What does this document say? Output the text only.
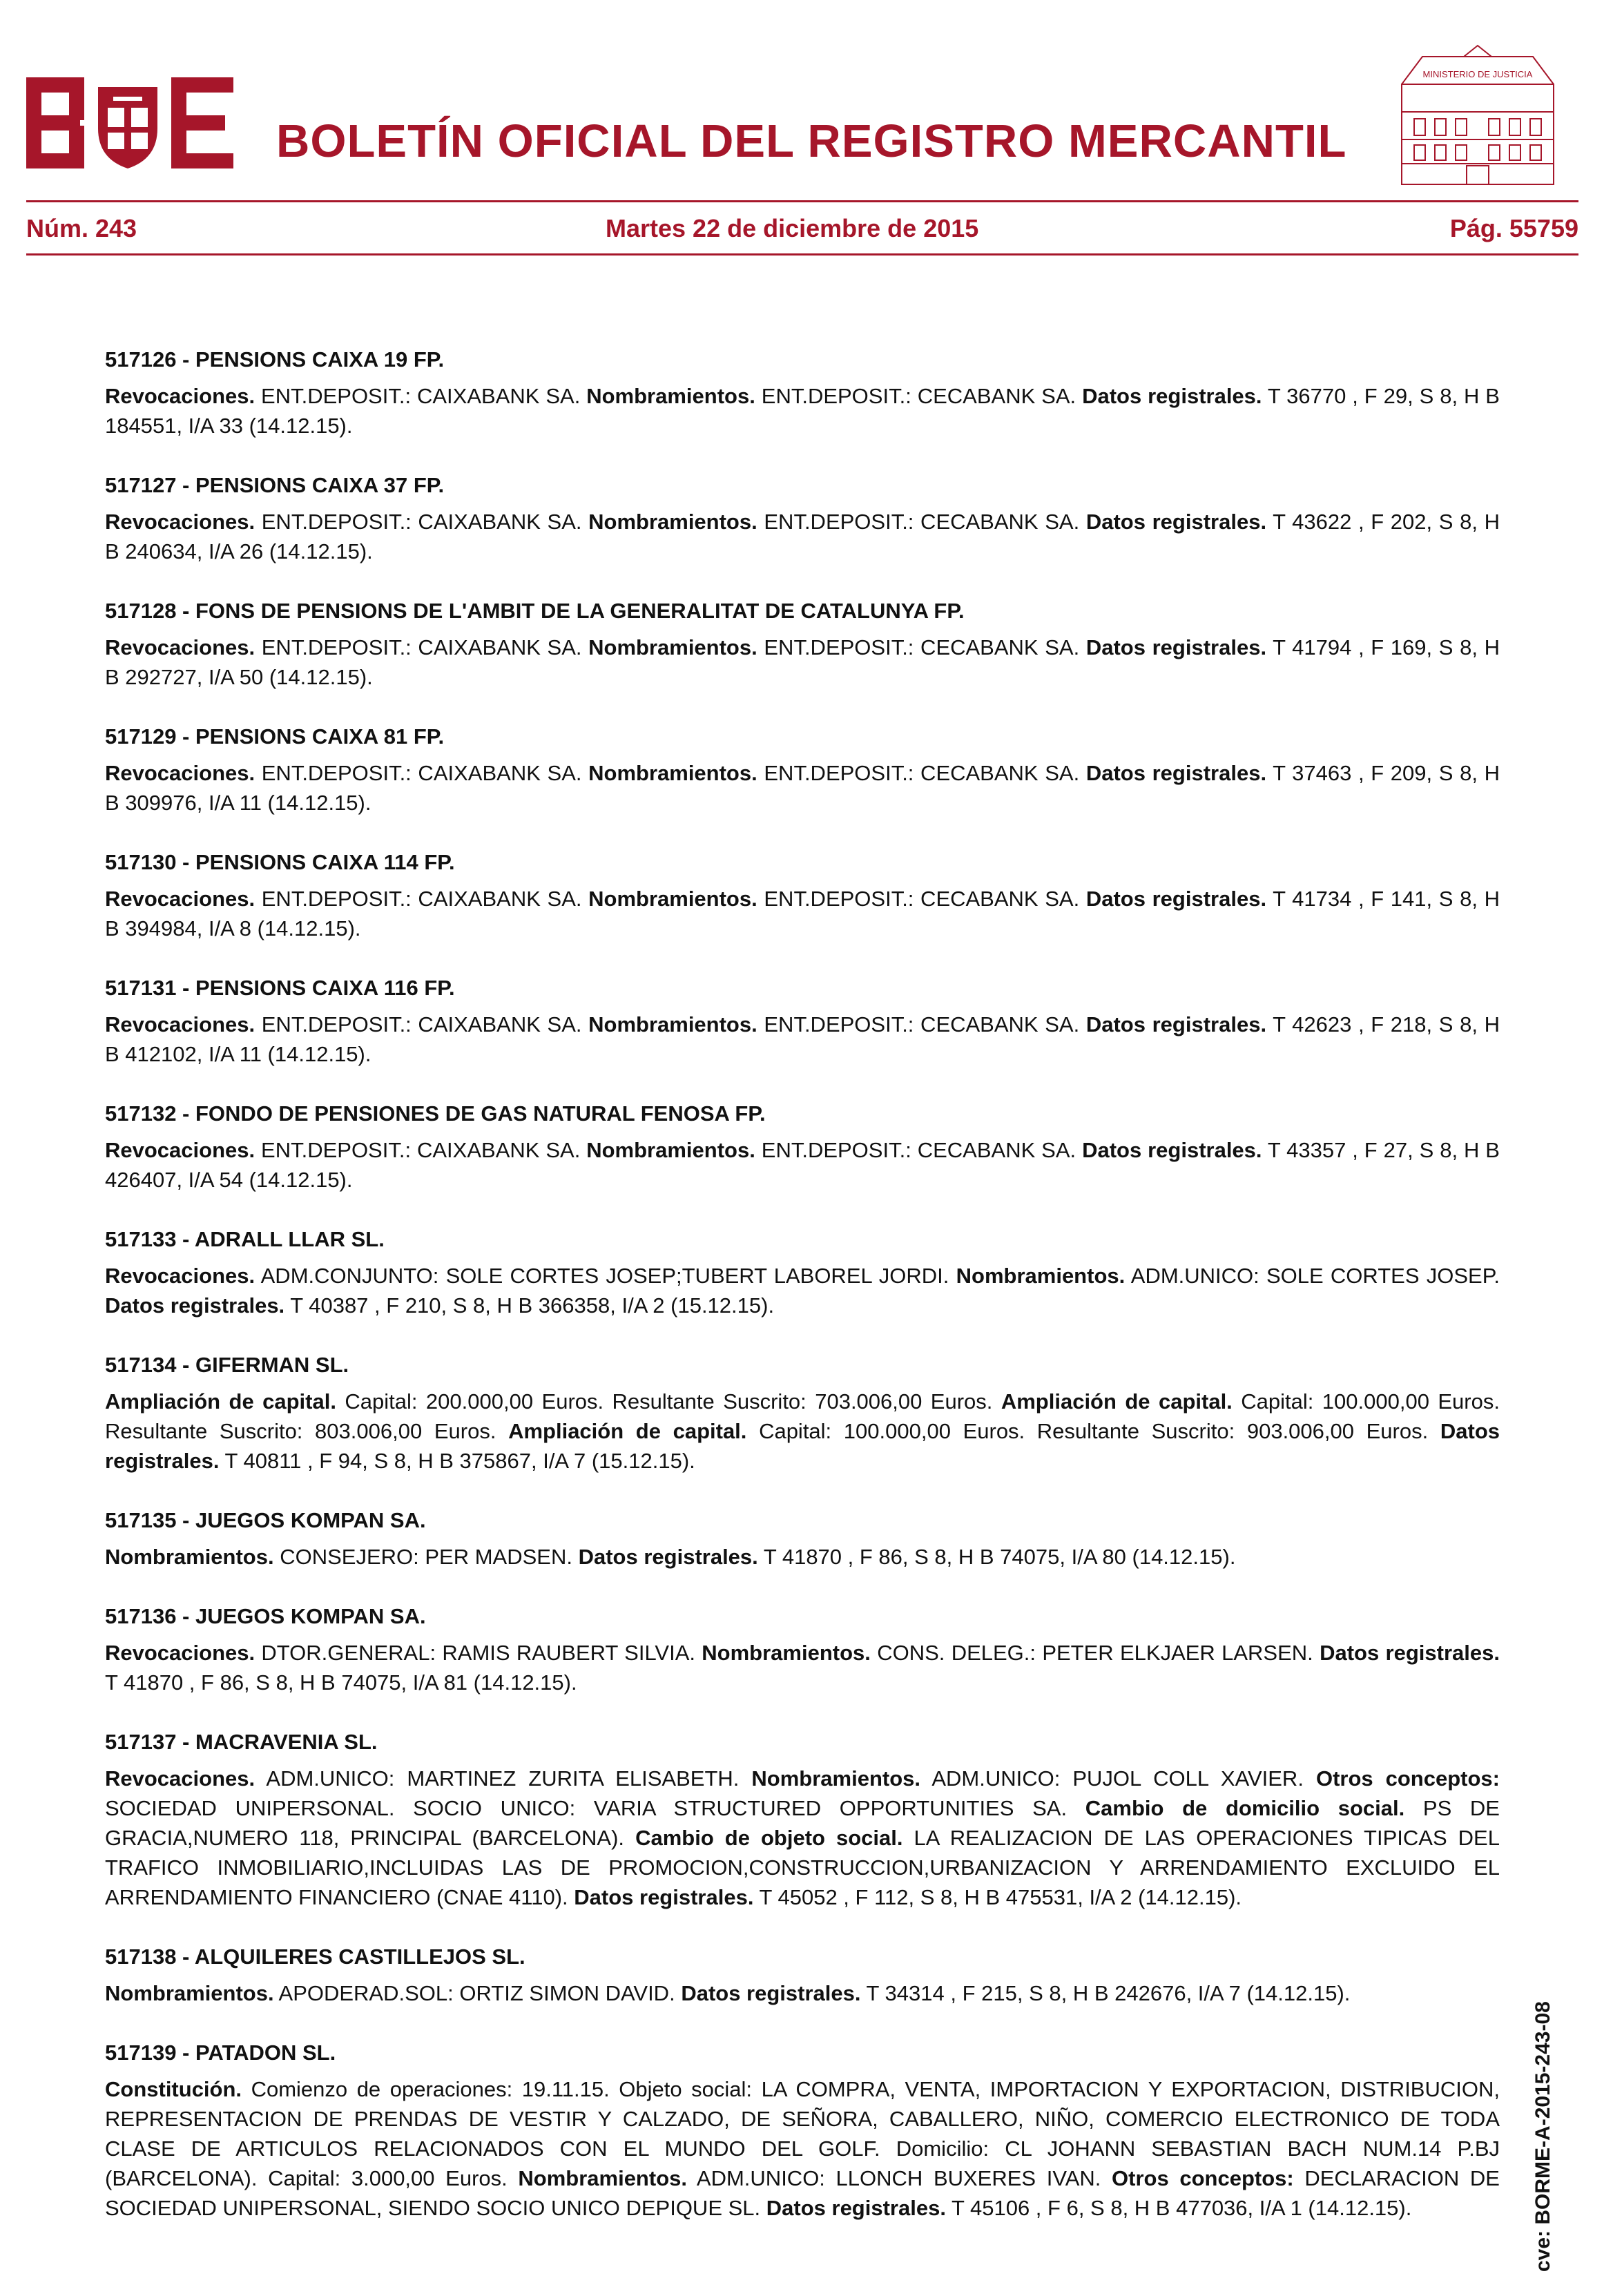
BOLETÍN OFICIAL DEL REGISTRO MERCANTIL
MINISTERIO DE JUSTICIA
Núm. 243	Martes 22 de diciembre de 2015	Pág. 55759
517126 - PENSIONS CAIXA 19 FP.
Revocaciones. ENT.DEPOSIT.: CAIXABANK SA. Nombramientos. ENT.DEPOSIT.: CECABANK SA. Datos registrales. T 36770 , F 29, S 8, H B 184551, I/A 33 (14.12.15).
517127 - PENSIONS CAIXA 37 FP.
Revocaciones. ENT.DEPOSIT.: CAIXABANK SA. Nombramientos. ENT.DEPOSIT.: CECABANK SA. Datos registrales. T 43622 , F 202, S 8, H B 240634, I/A 26 (14.12.15).
517128 - FONS DE PENSIONS DE L'AMBIT DE LA GENERALITAT DE CATALUNYA FP.
Revocaciones. ENT.DEPOSIT.: CAIXABANK SA. Nombramientos. ENT.DEPOSIT.: CECABANK SA. Datos registrales. T 41794 , F 169, S 8, H B 292727, I/A 50 (14.12.15).
517129 - PENSIONS CAIXA 81 FP.
Revocaciones. ENT.DEPOSIT.: CAIXABANK SA. Nombramientos. ENT.DEPOSIT.: CECABANK SA. Datos registrales. T 37463 , F 209, S 8, H B 309976, I/A 11 (14.12.15).
517130 - PENSIONS CAIXA 114 FP.
Revocaciones. ENT.DEPOSIT.: CAIXABANK SA. Nombramientos. ENT.DEPOSIT.: CECABANK SA. Datos registrales. T 41734 , F 141, S 8, H B 394984, I/A 8 (14.12.15).
517131 - PENSIONS CAIXA 116 FP.
Revocaciones. ENT.DEPOSIT.: CAIXABANK SA. Nombramientos. ENT.DEPOSIT.: CECABANK SA. Datos registrales. T 42623 , F 218, S 8, H B 412102, I/A 11 (14.12.15).
517132 - FONDO DE PENSIONES DE GAS NATURAL FENOSA FP.
Revocaciones. ENT.DEPOSIT.: CAIXABANK SA. Nombramientos. ENT.DEPOSIT.: CECABANK SA. Datos registrales. T 43357 , F 27, S 8, H B 426407, I/A 54 (14.12.15).
517133 - ADRALL LLAR SL.
Revocaciones. ADM.CONJUNTO: SOLE CORTES JOSEP;TUBERT LABOREL JORDI. Nombramientos. ADM.UNICO: SOLE CORTES JOSEP. Datos registrales. T 40387 , F 210, S 8, H B 366358, I/A 2 (15.12.15).
517134 - GIFERMAN SL.
Ampliación de capital. Capital: 200.000,00 Euros. Resultante Suscrito: 703.006,00 Euros. Ampliación de capital. Capital: 100.000,00 Euros. Resultante Suscrito: 803.006,00 Euros. Ampliación de capital. Capital: 100.000,00 Euros. Resultante Suscrito: 903.006,00 Euros. Datos registrales. T 40811 , F 94, S 8, H B 375867, I/A 7 (15.12.15).
517135 - JUEGOS KOMPAN SA.
Nombramientos. CONSEJERO: PER MADSEN. Datos registrales. T 41870 , F 86, S 8, H B 74075, I/A 80 (14.12.15).
517136 - JUEGOS KOMPAN SA.
Revocaciones. DTOR.GENERAL: RAMIS RAUBERT SILVIA. Nombramientos. CONS. DELEG.: PETER ELKJAER LARSEN. Datos registrales. T 41870 , F 86, S 8, H B 74075, I/A 81 (14.12.15).
517137 - MACRAVENIA SL.
Revocaciones. ADM.UNICO: MARTINEZ ZURITA ELISABETH. Nombramientos. ADM.UNICO: PUJOL COLL XAVIER. Otros conceptos: SOCIEDAD UNIPERSONAL. SOCIO UNICO: VARIA STRUCTURED OPPORTUNITIES SA. Cambio de domicilio social. PS DE GRACIA,NUMERO 118, PRINCIPAL (BARCELONA). Cambio de objeto social. LA REALIZACION DE LAS OPERACIONES TIPICAS DEL TRAFICO INMOBILIARIO,INCLUIDAS LAS DE PROMOCION,CONSTRUCCION,URBANIZACION Y ARRENDAMIENTO EXCLUIDO EL ARRENDAMIENTO FINANCIERO (CNAE 4110). Datos registrales. T 45052 , F 112, S 8, H B 475531, I/A 2 (14.12.15).
517138 - ALQUILERES CASTILLEJOS SL.
Nombramientos. APODERAD.SOL: ORTIZ SIMON DAVID. Datos registrales. T 34314 , F 215, S 8, H B 242676, I/A 7 (14.12.15).
517139 - PATADON SL.
Constitución. Comienzo de operaciones: 19.11.15. Objeto social: LA COMPRA, VENTA, IMPORTACION Y EXPORTACION, DISTRIBUCION, REPRESENTACION DE PRENDAS DE VESTIR Y CALZADO, DE SEÑORA, CABALLERO, NIÑO, COMERCIO ELECTRONICO DE TODA CLASE DE ARTICULOS RELACIONADOS CON EL MUNDO DEL GOLF. Domicilio: CL JOHANN SEBASTIAN BACH NUM.14 P.BJ (BARCELONA). Capital: 3.000,00 Euros. Nombramientos. ADM.UNICO: LLONCH BUXERES IVAN. Otros conceptos: DECLARACION DE SOCIEDAD UNIPERSONAL, SIENDO SOCIO UNICO DEPIQUE SL. Datos registrales. T 45106 , F 6, S 8, H B 477036, I/A 1 (14.12.15).	cve: BORME-A-2015-243-08
